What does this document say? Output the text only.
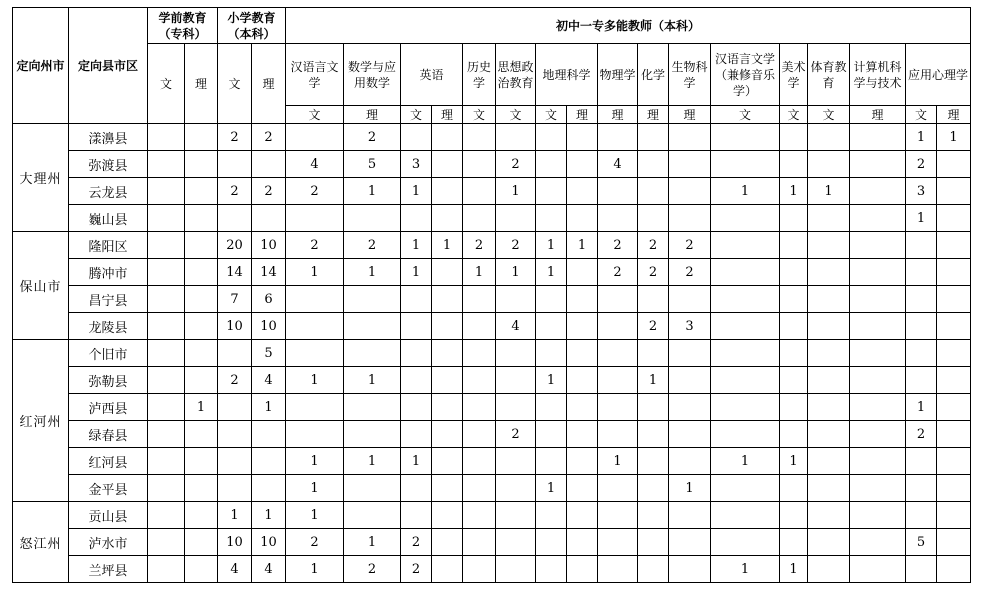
定向州市	定向县市区	学前教育（专科）		小学教育（本科）		初中一专多能教师（本科）																
		文	理	文	理	汉语言文学	数学与应用数学	英语		历史学	思想政治教育	地理科学		物理学	化学	生物科学	汉语言文学（兼修音乐学）	美术学	体育教育	计算机科学与技术	应用心理学	
						文	理	文	理	文	文	文	理	理	理	理	文	文	文	理	文	理
大理州	漾濞县			2	2		2														1	1
	弥渡县					4	5	3			2			4							2	
	云龙县			2	2	2	1	1			1						1	1	1		3	
	巍山县																				1	
保山市	隆阳区			20	10	2	2	1	1	2	2	1	1	2	2	2						
	腾冲市			14	14	1	1	1		1	1	1		2	2	2						
	昌宁县			7	6																	
	龙陵县			10	10						4				2	3						
红河州	个旧市				5																	
	弥勒县			2	4	1	1					1			1							
	泸西县		1		1																1	
	绿春县										2										2	
	红河县					1	1	1						1			1	1				
	金平县					1						1				1						
怒江州	贡山县			1	1	1																
	泸水市			10	10	2	1	2													5	
	兰坪县			4	4	1	2	2									1	1				
